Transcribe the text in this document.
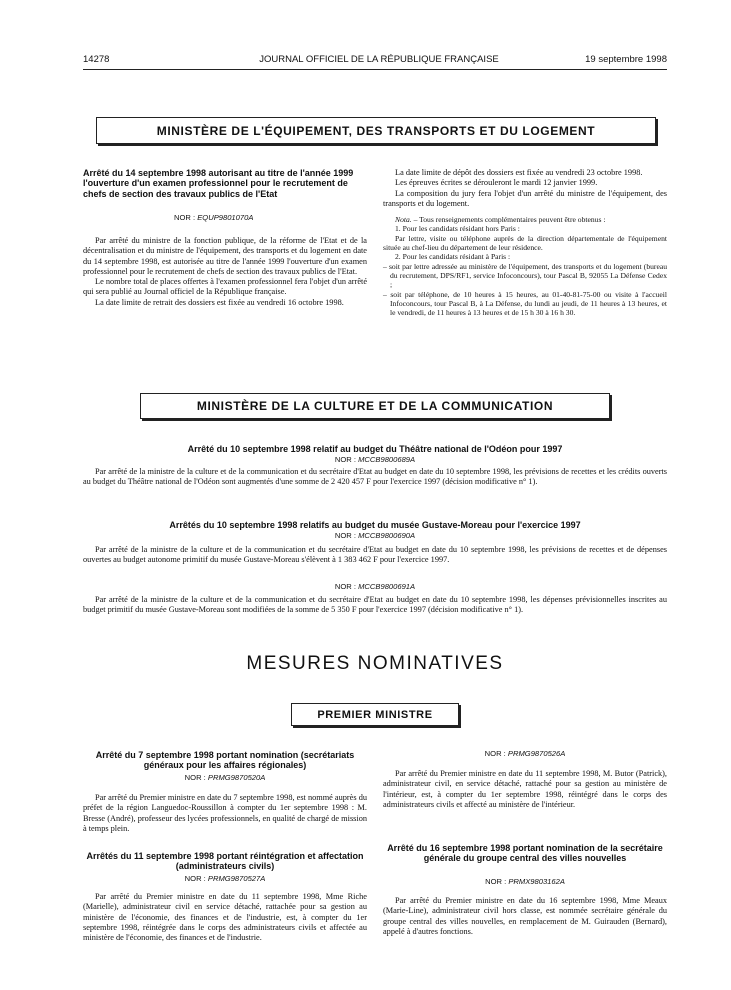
14278	JOURNAL OFFICIEL DE LA RÉPUBLIQUE FRANÇAISE	19 septembre 1998
MINISTÈRE DE L'ÉQUIPEMENT, DES TRANSPORTS ET DU LOGEMENT

Arrêté du 14 septembre 1998 autorisant au titre de l'année 1999 l'ouverture d'un examen professionnel pour le recrutement de chefs de section des travaux publics de l'Etat

NOR : EQUP9801070A

Par arrêté du ministre de la fonction publique, de la réforme de l'Etat et de la décentralisation et du ministre de l'équipement, des transports et du logement en date du 14 septembre 1998, est autorisée au titre de l'année 1999 l'ouverture d'un examen professionnel pour le recrutement de chefs de section des travaux publics de l'Etat.

Le nombre total de places offertes à l'examen professionnel fera l'objet d'un arrêté qui sera publié au Journal officiel de la République française.

La date limite de retrait des dossiers est fixée au vendredi 16 octobre 1998.

La date limite de dépôt des dossiers est fixée au vendredi 23 octobre 1998.

Les épreuves écrites se dérouleront le mardi 12 janvier 1999.

La composition du jury fera l'objet d'un arrêté du ministre de l'équipement, des transports et du logement.

Nota. – Tous renseignements complémentaires peuvent être obtenus :

1. Pour les candidats résidant hors Paris :

Par lettre, visite ou téléphone auprès de la direction départementale de l'équipement située au chef-lieu du département de leur résidence.

2. Pour les candidats résidant à Paris :

– soit par lettre adressée au ministère de l'équipement, des transports et du logement (bureau du recrutement, DPS/RF1, service Infoconcours), tour Pascal B, 92055 La Défense Cedex ;

– soit par téléphone, de 10 heures à 15 heures, au 01-40-81-75-00 ou visite à l'accueil Infoconcours, tour Pascal B, à La Défense, du lundi au jeudi, de 11 heures à 13 heures, et le vendredi, de 11 heures à 13 heures et de 15 h 30 à 16 h 30.

MINISTÈRE DE LA CULTURE ET DE LA COMMUNICATION

Arrêté du 10 septembre 1998 relatif au budget du Théâtre national de l'Odéon pour 1997

NOR : MCCB9800689A

Par arrêté de la ministre de la culture et de la communication et du secrétaire d'Etat au budget en date du 10 septembre 1998, les prévisions de recettes et les crédits ouverts au budget du Théâtre national de l'Odéon sont augmentés d'une somme de 2 420 457 F pour l'exercice 1997 (décision modificative n° 1).

Arrêtés du 10 septembre 1998 relatifs au budget du musée Gustave-Moreau pour l'exercice 1997

NOR : MCCB9800690A

Par arrêté de la ministre de la culture et de la communication et du secrétaire d'Etat au budget en date du 10 septembre 1998, les prévisions de recettes et de dépenses ouvertes au budget autonome primitif du musée Gustave-Moreau s'élèvent à 1 383 462 F pour l'exercice 1997.

NOR : MCCB9800691A

Par arrêté de la ministre de la culture et de la communication et du secrétaire d'Etat au budget en date du 10 septembre 1998, les dépenses prévisionnelles inscrites au budget primitif du musée Gustave-Moreau sont modifiées de la somme de 5 350 F pour l'exercice 1997 (décision modificative n° 1).

MESURES NOMINATIVES
PREMIER MINISTRE

Arrêté du 7 septembre 1998 portant nomination (secrétariats généraux pour les affaires régionales)

NOR : PRMG9870520A

Par arrêté du Premier ministre en date du 7 septembre 1998, est nommé auprès du préfet de la région Languedoc-Roussillon à compter du 1er septembre 1998 : M. Bresse (André), professeur des lycées professionnels, en qualité de chargé de mission à temps plein.

Arrêtés du 11 septembre 1998 portant réintégration et affectation (administrateurs civils)

NOR : PRMG9870527A

Par arrêté du Premier ministre en date du 11 septembre 1998, Mme Riche (Marielle), administrateur civil en service détaché, rattachée pour sa gestion au ministère de l'économie, des finances et de l'industrie, est, à compter du 1er septembre 1998, réintégrée dans le corps des administrateurs civils et affectée au ministère de l'économie, des finances et de l'industrie.

NOR : PRMG9870526A

Par arrêté du Premier ministre en date du 11 septembre 1998, M. Butor (Patrick), administrateur civil, en service détaché, rattaché pour sa gestion au ministère de l'intérieur, est, à compter du 1er septembre 1998, réintégré dans le corps des administrateurs civils et affecté au ministère de l'intérieur.

Arrêté du 16 septembre 1998 portant nomination de la secrétaire générale du groupe central des villes nouvelles

NOR : PRMX9803162A

Par arrêté du Premier ministre en date du 16 septembre 1998, Mme Meaux (Marie-Line), administrateur civil hors classe, est nommée secrétaire générale du groupe central des villes nouvelles, en remplacement de M. Guirauden (Bernard), appelé à d'autres fonctions.
